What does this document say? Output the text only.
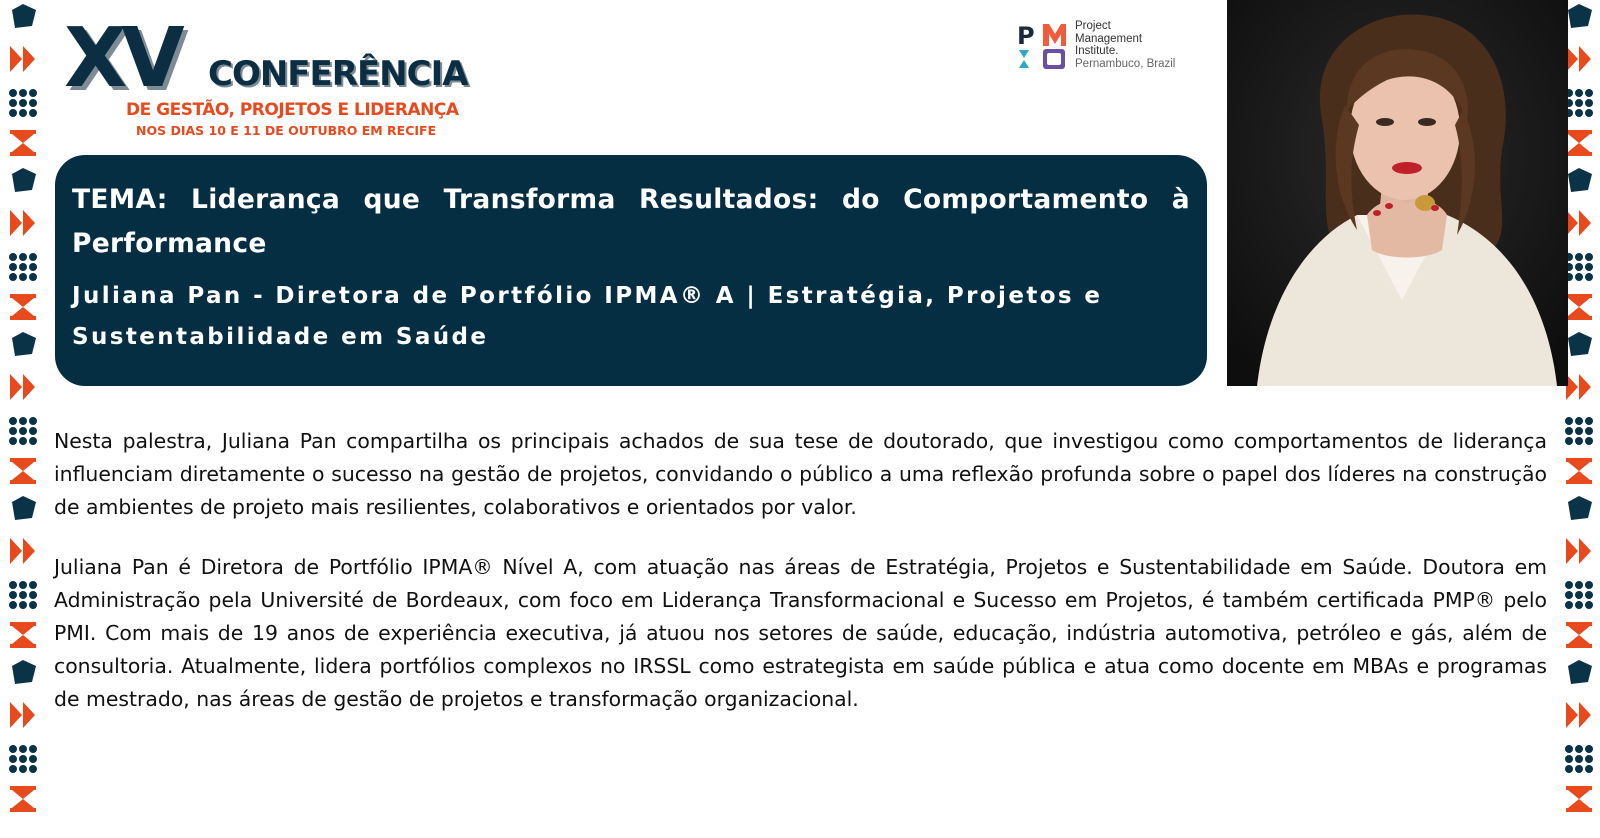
XV CONFERÊNCIA
DE GESTÃO, PROJETOS E LIDERANÇA
NOS DIAS 10 E 11 DE OUTUBRO EM RECIFE
P	Project
Management
Institute.
Pernambuco, Brazil
TEMA: Liderança que Transforma Resultados: do Comportamento à Performance
Juliana Pan - Diretora de Portfólio IPMA® A | Estratégia, Projetos e Sustentabilidade em Saúde
Nesta palestra, Juliana Pan compartilha os principais achados de sua tese de doutorado, que investigou como comportamentos de liderança influenciam diretamente o sucesso na gestão de projetos, convidando o público a uma reflexão profunda sobre o papel dos líderes na construção de ambientes de projeto mais resilientes, colaborativos e orientados por valor.
Juliana Pan é Diretora de Portfólio IPMA® Nível A, com atuação nas áreas de Estratégia, Projetos e Sustentabilidade em Saúde. Doutora em Administração pela Université de Bordeaux, com foco em Liderança Transformacional e Sucesso em Projetos, é também certificada PMP® pelo PMI. Com mais de 19 anos de experiência executiva, já atuou nos setores de saúde, educação, indústria automotiva, petróleo e gás, além de consultoria. Atualmente, lidera portfólios complexos no IRSSL como estrategista em saúde pública e atua como docente em MBAs e programas de mestrado, nas áreas de gestão de projetos e transformação organizacional.
